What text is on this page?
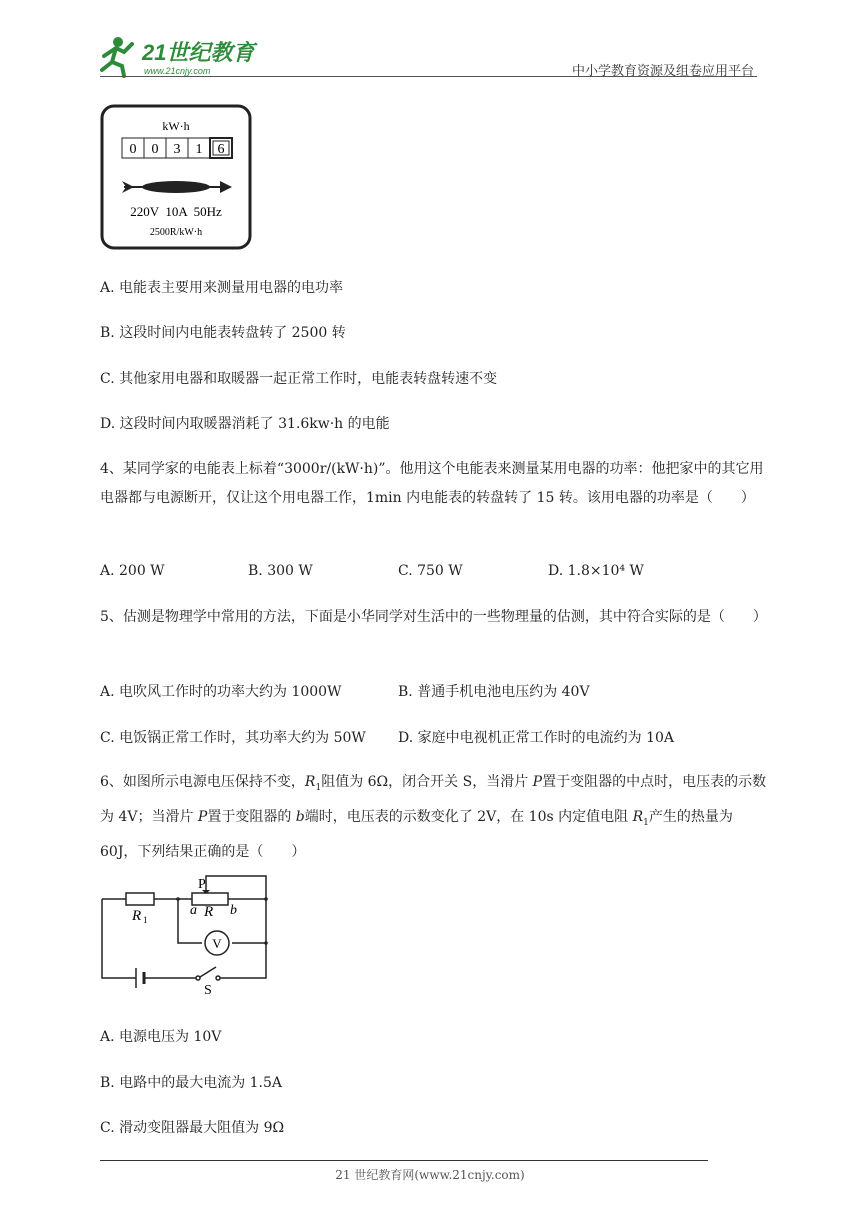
21世纪教育
www.21cnjy.com	中小学教育资源及组卷应用平台
kW·h
0 0 3 1 6
220V  10A  50Hz
2500R/kW·h
A. 电能表主要用来测量用电器的电功率
B. 这段时间内电能表转盘转了 2500 转
C. 其他家用电器和取暖器一起正常工作时，电能表转盘转速不变
D. 这段时间内取暖器消耗了 31.6kw·h 的电能
4、某同学家的电能表上标着“3000r/(kW·h)”。他用这个电能表来测量某用电器的功率：他把家中的其它用电器都与电源断开，仅让这个用电器工作，1min 内电能表的转盘转了 15 转。该用电器的功率是（　　）
A. 200 W	B. 300 W	C. 750 W	D. 1.8×10⁴ W
5、估测是物理学中常用的方法，下面是小华同学对生活中的一些物理量的估测，其中符合实际的是（　　）
A. 电吹风工作时的功率大约为 1000W	B. 普通手机电池电压约为 40V
C. 电饭锅正常工作时，其功率大约为 50W D. 家庭中电视机正常工作时的电流约为 10A
6、如图所示电源电压保持不变，$R_1$阻值为 6Ω，闭合开关 S，当滑片 P置于变阻器的中点时，电压表的示数为 4V；当滑片 P置于变阻器的 b端时，电压表的示数变化了 2V，在 10s 内定值电阻 $R_1$产生的热量为 60J，下列结果正确的是（　　）
P
a R b
R 1
V
S
A. 电源电压为 10V
B. 电路中的最大电流为 1.5A
C. 滑动变阻器最大阻值为 9Ω
21 世纪教育网(www.21cnjy.com)
